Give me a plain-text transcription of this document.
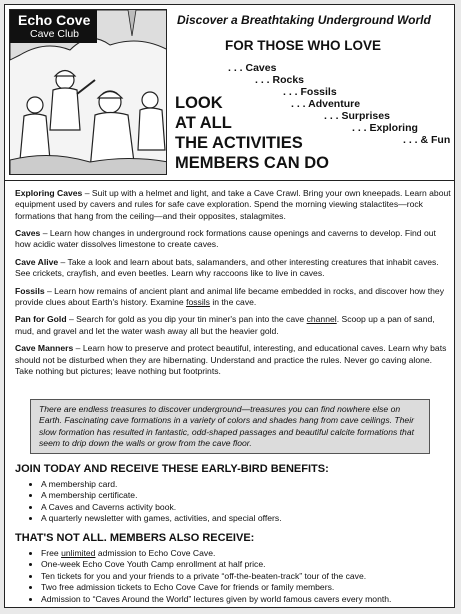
Echo Cove
Cave Club
Discover a Breathtaking Underground World
FOR THOSE WHO LOVE
. . . Caves
. . . Rocks
. . . Fossils
. . . Adventure
. . . Surprises
. . . Exploring
. . . & Fun
LOOK
AT ALL
THE ACTIVITIES
MEMBERS CAN DO

Exploring Caves – Suit up with a helmet and light, and take a Cave Crawl. Bring your own kneepads. Learn about equipment used by cavers and rules for safe cave exploration. Spend the morning viewing stalactites—rock formations that hang from the ceiling—and their opposites, stalagmites.

Caves – Learn how changes in underground rock formations cause openings and caverns to develop. Find out how acidic water dissolves limestone to create caves.

Cave Alive – Take a look and learn about bats, salamanders, and other interesting creatures that inhabit caves. See crickets, crayfish, and even beetles. Learn why raccoons like to live in caves.

Fossils – Learn how remains of ancient plant and animal life became embedded in rocks, and discover how they provide clues about Earth's history. Examine fossils in the cave.

Pan for Gold – Search for gold as you dip your tin miner's pan into the cave channel. Scoop up a pan of sand, mud, and gravel and let the water wash away all but the heavier gold.

Cave Manners – Learn how to preserve and protect beautiful, interesting, and educational caves. Learn why bats should not be disturbed when they are hibernating. Understand and practice the rules. Never go caving alone. Take nothing but pictures; leave nothing but footprints.

There are endless treasures to discover underground—treasures you can find nowhere else on Earth. Fascinating cave formations in a variety of colors and shades hang from cave ceilings. Their slow formation has resulted in fantastic, odd-shaped passages and beautiful calcite formations that seem to drip down the walls or grow from the cave floor.
JOIN TODAY AND RECEIVE THESE EARLY-BIRD BENEFITS:
• A membership card.
• A membership certificate.
• A Caves and Caverns activity book.
• A quarterly newsletter with games, activities, and special offers.
THAT'S NOT ALL. MEMBERS ALSO RECEIVE:
• Free unlimited admission to Echo Cove Cave.
• One-week Echo Cove Youth Camp enrollment at half price.
• Ten tickets for you and your friends to a private “off-the-beaten-track” tour of the cave.
• Two free admission tickets to Echo Cove Cave for friends or family members.
• Admission to “Caves Around the World” lectures given by world famous cavers every month.
